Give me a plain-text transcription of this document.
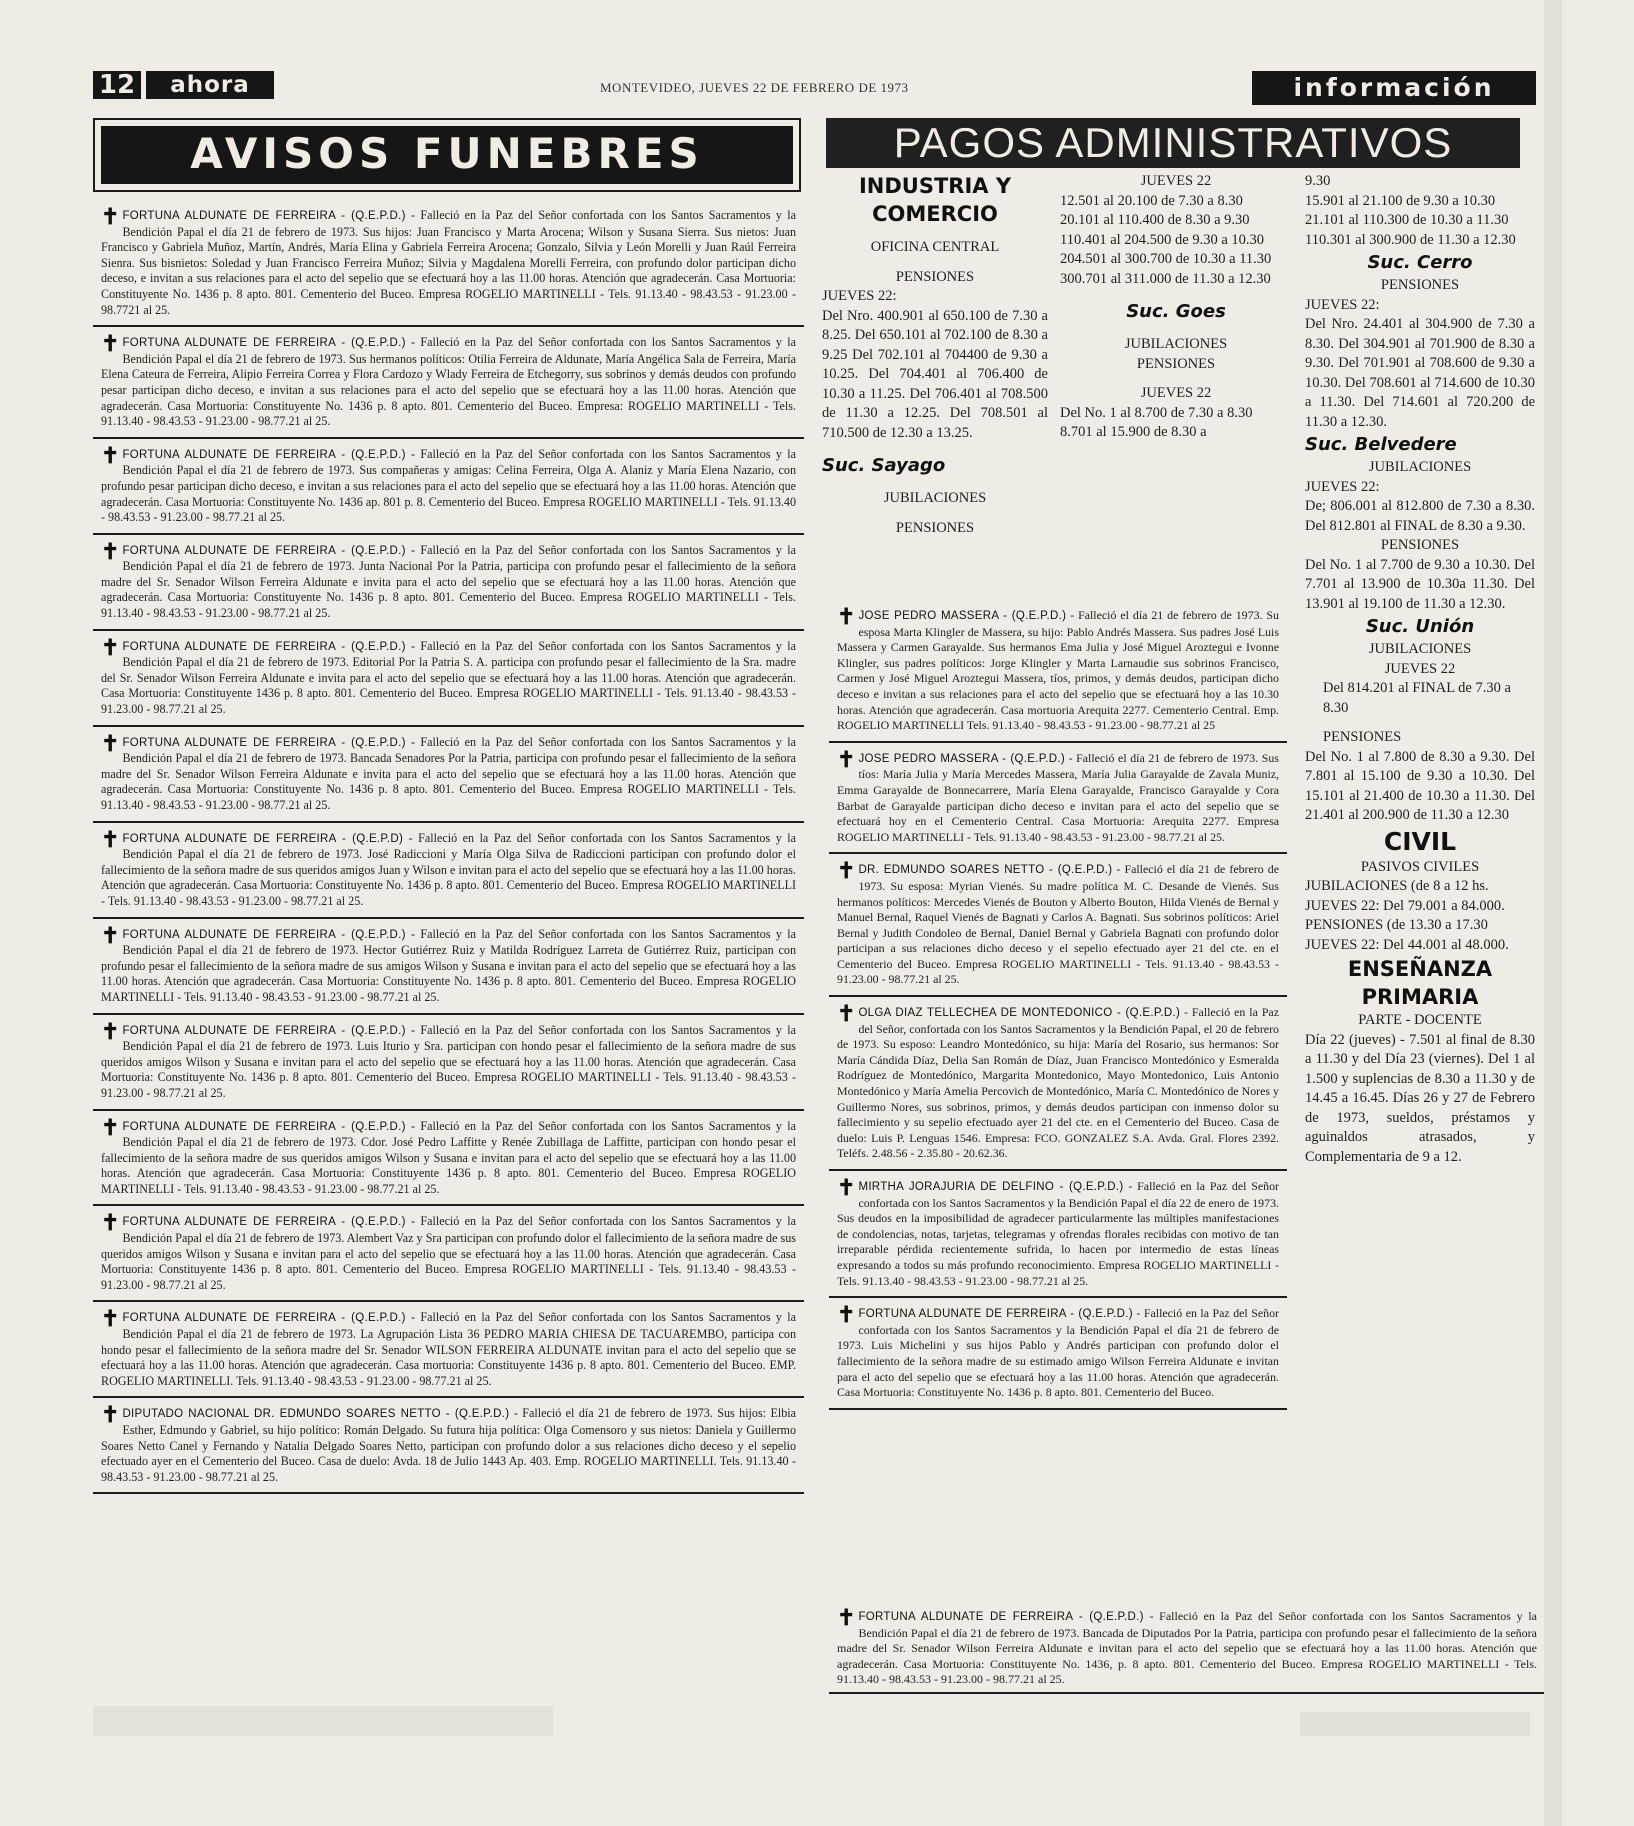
12	ahora	MONTEVIDEO, JUEVES 22 DE FEBRERO DE 1973	información
AVISOS FUNEBRES	PAGOS ADMINISTRATIVOS
✝ FORTUNA ALDUNATE DE FERREIRA - (Q.E.P.D.) - Falleció en la Paz del Señor confortada con los Santos Sacramentos y la Bendición Papal el día 21 de febrero de 1973. Sus hijos: Juan Francisco y Marta Arocena; Wilson y Susana Sierra. Sus nietos: Juan Francisco y Gabriela Muñoz, Martín, Andrés, María Elina y Gabriela Ferreira Arocena; Gonzalo, Silvia y León Morelli y Juan Raúl Ferreira Sienra. Sus bisnietos: Soledad y Juan Francisco Ferreira Muñoz; Silvia y Magdalena Morelli Ferreira, con profundo dolor participan dicho deceso, e invitan a sus relaciones para el acto del sepelio que se efectuará hoy a las 11.00 horas. Atención que agradecerán. Casa Mortuoria: Constituyente No. 1436 p. 8 apto. 801. Cementerio del Buceo. Empresa ROGELIO MARTINELLI - Tels. 91.13.40 - 98.43.53 - 91.23.00 - 98.7721 al 25.
✝ FORTUNA ALDUNATE DE FERREIRA - (Q.E.P.D.) - Falleció en la Paz del Señor confortada con los Santos Sacramentos y la Bendición Papal el día 21 de febrero de 1973. Sus hermanos políticos: Otilia Ferreira de Aldunate, María Angélica Sala de Ferreira, María Elena Cateura de Ferreira, Alipio Ferreira Correa y Flora Cardozo y Wlady Ferreira de Etchegorry, sus sobrinos y demás deudos con profundo pesar participan dicho deceso, e invitan a sus relaciones para el acto del sepelio que se efectuará hoy a las 11.00 horas. Atención que agradecerán. Casa Mortuoria: Constituyente No. 1436 p. 8 apto. 801. Cementerio del Buceo. Empresa: ROGELIO MARTINELLI - Tels. 91.13.40 - 98.43.53 - 91.23.00 - 98.77.21 al 25.
✝ FORTUNA ALDUNATE DE FERREIRA - (Q.E.P.D.) - Falleció en la Paz del Señor confortada con los Santos Sacramentos y la Bendición Papal el día 21 de febrero de 1973. Sus compañeras y amigas: Celina Ferreira, Olga A. Alaniz y María Elena Nazario, con profundo pesar participan dicho deceso, e invitan a sus relaciones para el acto del sepelio que se efectuará hoy a las 11.00 horas. Atención que agradecerán. Casa Mortuoria: Constituyente No. 1436 ap. 801 p. 8. Cementerio del Buceo. Empresa ROGELIO MARTINELLI - Tels. 91.13.40 - 98.43.53 - 91.23.00 - 98.77.21 al 25.
✝ FORTUNA ALDUNATE DE FERREIRA - (Q.E.P.D.) - Falleció en la Paz del Señor confortada con los Santos Sacramentos y la Bendición Papal el día 21 de febrero de 1973. Junta Nacional Por la Patria, participa con profundo pesar el fallecimiento de la señora madre del Sr. Senador Wilson Ferreira Aldunate e invita para el acto del sepelio que se efectuará hoy a las 11.00 horas. Atención que agradecerán. Casa Mortuoria: Constituyente No. 1436 p. 8 apto. 801. Cementerio del Buceo. Empresa ROGELIO MARTINELLI - Tels. 91.13.40 - 98.43.53 - 91.23.00 - 98.77.21 al 25.
✝ FORTUNA ALDUNATE DE FERREIRA - (Q.E.P.D.) - Falleció en la Paz del Señor confortada con los Santos Sacramentos y la Bendición Papal el día 21 de febrero de 1973. Editorial Por la Patria S. A. participa con profundo pesar el fallecimiento de la Sra. madre del Sr. Senador Wilson Ferreira Aldunate e invita para el acto del sepelio que se efectuará hoy a las 11.00 horas. Atención que agradecerán. Casa Mortuoria: Constituyente 1436 p. 8 apto. 801. Cementerio del Buceo. Empresa ROGELIO MARTINELLI - Tels. 91.13.40 - 98.43.53 - 91.23.00 - 98.77.21 al 25.
✝ FORTUNA ALDUNATE DE FERREIRA - (Q.E.P.D.) - Falleció en la Paz del Señor confortada con los Santos Sacramentos y la Bendición Papal el día 21 de febrero de 1973. Bancada Senadores Por la Patria, participa con profundo pesar el fallecimiento de la señora madre del Sr. Senador Wilson Ferreira Aldunate e invita para el acto del sepelio que se efectuará hoy a las 11.00 horas. Atención que agradecerán. Casa Mortuoria: Constituyente No. 1436 p. 8 apto. 801. Cementerio del Buceo. Empresa ROGELIO MARTINELLI - Tels. 91.13.40 - 98.43.53 - 91.23.00 - 98.77.21 al 25.
✝ FORTUNA ALDUNATE DE FERREIRA - (Q.E.P.D) - Falleció en la Paz del Señor confortada con los Santos Sacramentos y la Bendición Papal el día 21 de febrero de 1973. José Radiccioni y María Olga Silva de Radiccioni participan con profundo dolor el fallecimiento de la señora madre de sus queridos amigos Juan y Wilson e invitan para el acto del sepelio que se efectuará hoy a las 11.00 horas. Atención que agradecerán. Casa Mortuoria: Constituyente No. 1436 p. 8 apto. 801. Cementerio del Buceo. Empresa ROGELIO MARTINELLI - Tels. 91.13.40 - 98.43.53 - 91.23.00 - 98.77.21 al 25.
✝ FORTUNA ALDUNATE DE FERREIRA - (Q.E.P.D.) - Falleció en la Paz del Señor confortada con los Santos Sacramentos y la Bendición Papal el día 21 de febrero de 1973. Hector Gutiérrez Ruiz y Matilda Rodríguez Larreta de Gutiérrez Ruiz, participan con profundo pesar el fallecimiento de la señora madre de sus amigos Wilson y Susana e invitan para el acto del sepelio que se efectuará hoy a las 11.00 horas. Atención que agradecerán. Casa Mortuoria: Constituyente No. 1436 p. 8 apto. 801. Cementerio del Buceo. Empresa ROGELIO MARTINELLI - Tels. 91.13.40 - 98.43.53 - 91.23.00 - 98.77.21 al 25.
✝ FORTUNA ALDUNATE DE FERREIRA - (Q.E.P.D.) - Falleció en la Paz del Señor confortada con los Santos Sacramentos y la Bendición Papal el día 21 de febrero de 1973. Luis Iturio y Sra. participan con hondo pesar el fallecimiento de la señora madre de sus queridos amigos Wilson y Susana e invitan para el acto del sepelio que se efectuará hoy a las 11.00 horas. Atención que agradecerán. Casa Mortuoria: Constituyente No. 1436 p. 8 apto. 801. Cementerio del Buceo. Empresa ROGELIO MARTINELLI - Tels. 91.13.40 - 98.43.53 - 91.23.00 - 98.77.21 al 25.
✝ FORTUNA ALDUNATE DE FERREIRA - (Q.E.P.D.) - Falleció en la Paz del Señor confortada con los Santos Sacramentos y la Bendición Papal el día 21 de febrero de 1973. Cdor. José Pedro Laffitte y Renée Zubillaga de Laffitte, participan con hondo pesar el fallecimiento de la señora madre de sus queridos amigos Wilson y Susana e invitan para el acto del sepelio que se efectuará hoy a las 11.00 horas. Atención que agradecerán. Casa Mortuoria: Constituyente 1436 p. 8 apto. 801. Cementerio del Buceo. Empresa ROGELIO MARTINELLI - Tels. 91.13.40 - 98.43.53 - 91.23.00 - 98.77.21 al 25.
✝ FORTUNA ALDUNATE DE FERREIRA - (Q.E.P.D.) - Falleció en la Paz del Señor confortada con los Santos Sacramentos y la Bendición Papal el día 21 de febrero de 1973. Alembert Vaz y Sra participan con profundo dolor el fallecimiento de la señora madre de sus queridos amigos Wilson y Susana e invitan para el acto del sepelio que se efectuará hoy a las 11.00 horas. Atención que agradecerán. Casa Mortuoria: Constituyente 1436 p. 8 apto. 801. Cementerio del Buceo. Empresa ROGELIO MARTINELLI - Tels. 91.13.40 - 98.43.53 - 91.23.00 - 98.77.21 al 25.
✝ FORTUNA ALDUNATE DE FERREIRA - (Q.E.P.D.) - Falleció en la Paz del Señor confortada con los Santos Sacramentos y la Bendición Papal el día 21 de febrero de 1973. La Agrupación Lista 36 PEDRO MARIA CHIESA DE TACUAREMBO, participa con hondo pesar el fallecimiento de la señora madre del Sr. Senador WILSON FERREIRA ALDUNATE invitan para el acto del sepelio que se efectuará hoy a las 11.00 horas. Atención que agradecerán. Casa mortuoria: Constituyente 1436 p. 8 apto. 801. Cementerio del Buceo. EMP. ROGELIO MARTINELLI. Tels. 91.13.40 - 98.43.53 - 91.23.00 - 98.77.21 al 25.
✝ DIPUTADO NACIONAL DR. EDMUNDO SOARES NETTO - (Q.E.P.D.) - Falleció el día 21 de febrero de 1973. Sus hijos: Elbia Esther, Edmundo y Gabriel, su hijo político: Román Delgado. Su futura hija política: Olga Comensoro y sus nietos: Daniela y Guillermo Soares Netto Canel y Fernando y Natalia Delgado Soares Netto, participan con profundo dolor a sus relaciones dicho deceso y el sepelio efectuado ayer en el Cementerio del Buceo. Casa de duelo: Avda. 18 de Julio 1443 Ap. 403. Emp. ROGELIO MARTINELLI. Tels. 91.13.40 - 98.43.53 - 91.23.00 - 98.77.21 al 25.
✝ JOSE PEDRO MASSERA - (Q.E.P.D.) - Falleció el día 21 de febrero de 1973. Su esposa Marta Klingler de Massera, su hijo: Pablo Andrés Massera. Sus padres José Luis Massera y Carmen Garayalde. Sus hermanos Ema Julia y José Miguel Aroztegui e Ivonne Klingler, sus padres políticos: Jorge Klingler y Marta Larnaudie sus sobrinos Francisco, Carmen y José Miguel Aroztegui Massera, tíos, primos, y demás deudos, participan dicho deceso e invitan a sus relaciones para el acto del sepelio que se efectuará hoy a las 10.30 horas. Atención que agradecerán. Casa mortuoria Arequita 2277. Cementerio Central. Emp. ROGELIO MARTINELLI Tels. 91.13.40 - 98.43.53 - 91.23.00 - 98.77.21 al 25
✝ JOSE PEDRO MASSERA - (Q.E.P.D.) - Falleció el día 21 de febrero de 1973. Sus tíos: María Julia y María Mercedes Massera, María Julia Garayalde de Zavala Muniz, Emma Garayalde de Bonnecarrere, María Elena Garayalde, Francisco Garayalde y Cora Barbat de Garayalde participan dicho deceso e invitan para el acto del sepelio que se efectuará hoy en el Cementerio Central. Casa Mortuoria: Arequita 2277. Empresa ROGELIO MARTINELLI - Tels. 91.13.40 - 98.43.53 - 91.23.00 - 98.77.21 al 25.
✝ DR. EDMUNDO SOARES NETTO - (Q.E.P.D.) - Falleció el día 21 de febrero de 1973. Su esposa: Myrian Vienés. Su madre política M. C. Desande de Vienés. Sus hermanos políticos: Mercedes Vienés de Bouton y Alberto Bouton, Hilda Vienés de Bernal y Manuel Bernal, Raquel Vienés de Bagnati y Carlos A. Bagnati. Sus sobrinos políticos: Ariel Bernal y Judith Condoleo de Bernal, Daniel Bernal y Gabriela Bagnati con profundo dolor participan a sus relaciones dicho deceso y el sepelio efectuado ayer 21 del cte. en el Cementerio del Buceo. Empresa ROGELIO MARTINELLI - Tels. 91.13.40 - 98.43.53 - 91.23.00 - 98.77.21 al 25.
✝ OLGA DIAZ TELLECHEA DE MONTEDONICO - (Q.E.P.D.) - Falleció en la Paz del Señor, confortada con los Santos Sacramentos y la Bendición Papal, el 20 de febrero de 1973. Su esposo: Leandro Montedónico, su hija: María del Rosario, sus hermanos: Sor María Cándida Díaz, Delia San Román de Díaz, Juan Francisco Montedónico y Esmeralda Rodríguez de Montedónico, Margarita Montedonico, Mayo Montedonico, Luis Antonio Montedónico y María Amelia Percovich de Montedónico, María C. Montedónico de Nores y Guillermo Nores, sus sobrinos, primos, y demás deudos participan con inmenso dolor su fallecimiento y su sepelio efectuado ayer 21 del cte. en el Cementerio del Buceo. Casa de duelo: Luis P. Lenguas 1546. Empresa: FCO. GONZALEZ S.A. Avda. Gral. Flores 2392. Teléfs. 2.48.56 - 2.35.80 - 20.62.36.
✝ MIRTHA JORAJURIA DE DELFINO - (Q.E.P.D.) - Falleció en la Paz del Señor confortada con los Santos Sacramentos y la Bendición Papal el día 22 de enero de 1973. Sus deudos en la imposibilidad de agradecer particularmente las múltiples manifestaciones de condolencias, notas, tarjetas, telegramas y ofrendas florales recibidas con motivo de tan irreparable pérdida recientemente sufrida, lo hacen por intermedio de estas líneas expresando a todos su más profundo reconocimiento. Empresa ROGELIO MARTINELLI - Tels. 91.13.40 - 98.43.53 - 91.23.00 - 98.77.21 al 25.
✝ FORTUNA ALDUNATE DE FERREIRA - (Q.E.P.D.) - Falleció en la Paz del Señor confortada con los Santos Sacramentos y la Bendición Papal el día 21 de febrero de 1973. Luis Michelini y sus hijos Pablo y Andrés participan con profundo dolor el fallecimiento de la señora madre de su estimado amigo Wilson Ferreira Aldunate e invitan para el acto del sepelio que se efectuará hoy a las 11.00 horas. Atención que agradecerán. Casa Mortuoria: Constituyente No. 1436 p. 8 apto. 801. Cementerio del Buceo.
✝ FORTUNA ALDUNATE DE FERREIRA - (Q.E.P.D.) - Falleció en la Paz del Señor confortada con los Santos Sacramentos y la Bendición Papal el día 21 de febrero de 1973. Bancada de Diputados Por la Patria, participa con profundo pesar el fallecimiento de la señora madre del Sr. Senador Wilson Ferreira Aldunate e invitan para el acto del sepelio que se efectuará hoy a las 11.00 horas. Atención que agradecerán. Casa Mortuoria: Constituyente No. 1436, p. 8 apto. 801. Cementerio del Buceo. Empresa ROGELIO MARTINELLI - Tels. 91.13.40 - 98.43.53 - 91.23.00 - 98.77.21 al 25.
INDUSTRIA Y COMERCIO
OFICINA CENTRAL
PENSIONES
JUEVES 22:
Del Nro. 400.901 al 650.100 de 7.30 a 8.25. Del 650.101 al 702.100 de 8.30 a 9.25 Del 702.101 al 704400 de 9.30 a 10.25. Del 704.401 al 706.400 de 10.30 a 11.25. Del 706.401 al 708.500 de 11.30 a 12.25. Del 708.501 al 710.500 de 12.30 a 13.25.
Suc. Sayago
JUBILACIONES
PENSIONES
JUEVES 22
12.501 al 20.100 de 7.30 a 8.30
20.101 al 110.400 de 8.30 a 9.30
110.401 al 204.500 de 9.30 a 10.30
204.501 al 300.700 de 10.30 a 11.30
300.701 al 311.000 de 11.30 a 12.30
Suc. Goes
JUBILACIONES
PENSIONES
JUEVES 22
Del No. 1 al 8.700 de 7.30 a 8.30
8.701 al 15.900 de 8.30 a
9.30
15.901 al 21.100 de 9.30 a 10.30
21.101 al 110.300 de 10.30 a 11.30
110.301 al 300.900 de 11.30 a 12.30
Suc. Cerro
PENSIONES
JUEVES 22:
Del Nro. 24.401 al 304.900 de 7.30 a 8.30. Del 304.901 al 701.900 de 8.30 a 9.30. Del 701.901 al 708.600 de 9.30 a 10.30. Del 708.601 al 714.600 de 10.30 a 11.30. Del 714.601 al 720.200 de 11.30 a 12.30.
Suc. Belvedere
JUBILACIONES
JUEVES 22:
De; 806.001 al 812.800 de 7.30 a 8.30. Del 812.801 al FINAL de 8.30 a 9.30.
PENSIONES
Del No. 1 al 7.700 de 9.30 a 10.30. Del 7.701 al 13.900 de 10.30a 11.30. Del 13.901 al 19.100 de 11.30 a 12.30.
Suc. Unión
JUBILACIONES
JUEVES 22
Del 814.201 al FINAL de 7.30 a 8.30
PENSIONES
Del No. 1 al 7.800 de 8.30 a 9.30. Del 7.801 al 15.100 de 9.30 a 10.30. Del 15.101 al 21.400 de 10.30 a 11.30. Del 21.401 al 200.900 de 11.30 a 12.30
CIVIL
PASIVOS CIVILES
JUBILACIONES (de 8 a 12 hs.
JUEVES 22: Del 79.001 a 84.000.
PENSIONES (de 13.30 a 17.30
JUEVES 22: Del 44.001 al 48.000.
ENSEÑANZA PRIMARIA
PARTE - DOCENTE
Día 22 (jueves) - 7.501 al final de 8.30 a 11.30 y del Día 23 (viernes). Del 1 al 1.500 y suplencias de 8.30 a 11.30 y de 14.45 a 16.45. Días 26 y 27 de Febrero de 1973, sueldos, préstamos y aguinaldos atrasados, y Complementaria de 9 a 12.
